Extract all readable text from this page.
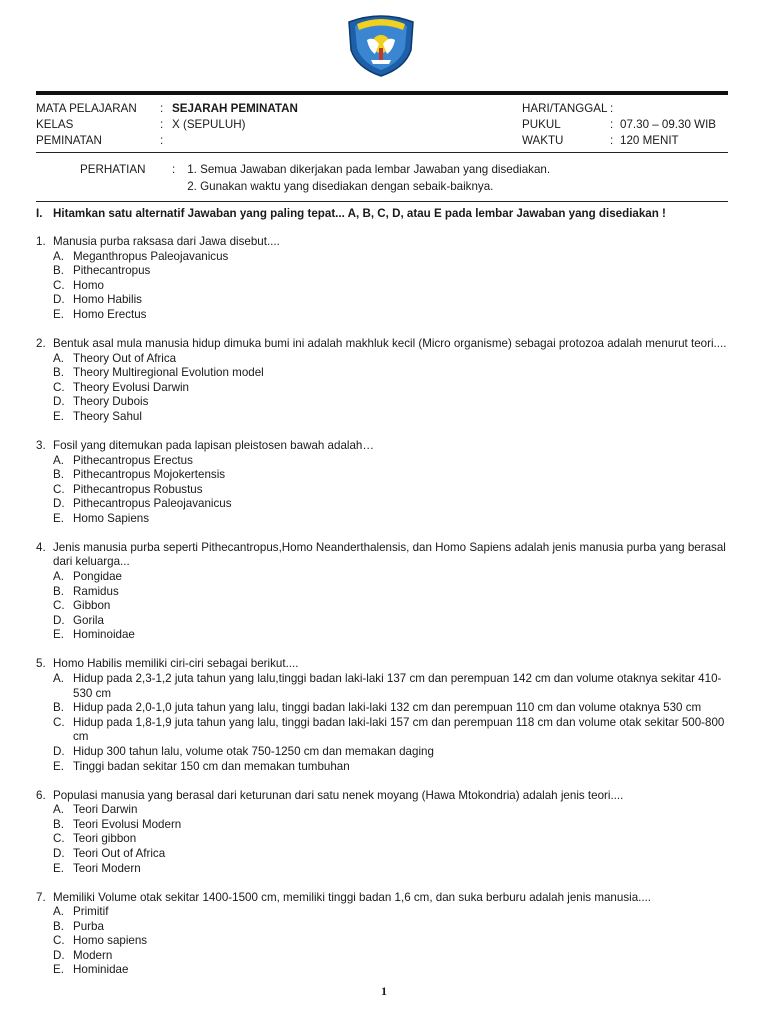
MATA PELAJARAN : SEJARAH PEMINATAN
KELAS	: X (SEPULUH)
PEMINATAN	:
HARI/TANGGAL :
PUKUL	: 07.30 – 09.30 WIB
WAKTU	: 120 MENIT
PERHATIAN : 1. Semua Jawaban dikerjakan pada lembar Jawaban yang disediakan.
2. Gunakan waktu yang disediakan dengan sebaik-baiknya.
I. Hitamkan satu alternatif Jawaban yang paling tepat... A, B, C, D, atau E pada lembar Jawaban yang disediakan !
1. Manusia purba raksasa dari Jawa disebut....
A. Meganthropus Paleojavanicus
B. Pithecantropus
C. Homo
D. Homo Habilis
E. Homo Erectus
2. Bentuk asal mula manusia hidup dimuka bumi ini adalah makhluk kecil (Micro organisme) sebagai protozoa adalah menurut teori....
A. Theory Out of Africa
B. Theory Multiregional Evolution model
C. Theory Evolusi Darwin
D. Theory Dubois
E. Theory Sahul
3. Fosil yang ditemukan pada lapisan pleistosen bawah adalah…
A. Pithecantropus Erectus
B. Pithecantropus Mojokertensis
C. Pithecantropus Robustus
D. Pithecantropus Paleojavanicus
E. Homo Sapiens
4. Jenis manusia purba seperti Pithecantropus,Homo Neanderthalensis, dan Homo Sapiens adalah jenis manusia purba yang berasal dari keluarga...
A. Pongidae
B. Ramidus
C. Gibbon
D. Gorila
E. Hominoidae
5. Homo Habilis memiliki ciri-ciri sebagai berikut....
A. Hidup pada 2,3-1,2 juta tahun yang lalu,tinggi badan laki-laki 137 cm dan perempuan 142 cm dan volume otaknya sekitar 410-530 cm
B. Hidup pada 2,0-1,0 juta tahun yang lalu, tinggi badan laki-laki 132 cm dan perempuan 110 cm dan volume otaknya 530 cm
C. Hidup pada 1,8-1,9 juta tahun yang lalu, tinggi badan laki-laki 157 cm dan perempuan 118 cm dan volume otak sekitar 500-800 cm
D. Hidup 300 tahun lalu, volume otak 750-1250 cm dan memakan daging
E. Tinggi badan sekitar 150 cm dan memakan tumbuhan
6. Populasi manusia yang berasal dari keturunan dari satu nenek moyang (Hawa Mtokondria) adalah jenis teori....
A. Teori Darwin
B. Teori Evolusi Modern
C. Teori gibbon
D. Teori Out of Africa
E. Teori Modern
7. Memiliki Volume otak sekitar 1400-1500 cm, memiliki tinggi badan 1,6 cm, dan suka berburu adalah jenis manusia....
A. Primitif
B. Purba
C. Homo sapiens
D. Modern
E. Hominidae
1
